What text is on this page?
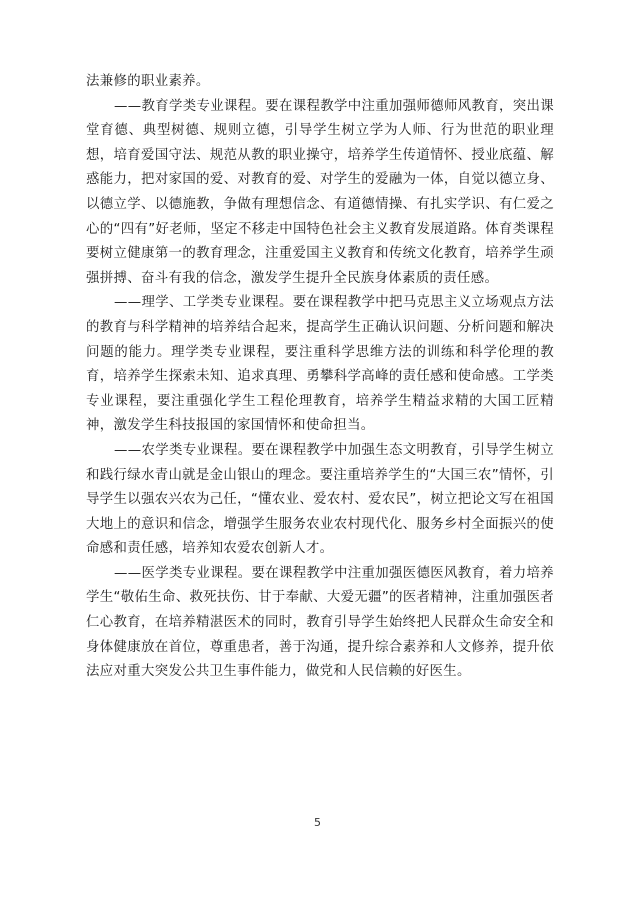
法兼修的职业素养。

——教育学类专业课程。要在课程教学中注重加强师德师风教育，突出课堂育德、典型树德、规则立德，引导学生树立学为人师、行为世范的职业理想，培育爱国守法、规范从教的职业操守，培养学生传道情怀、授业底蕴、解惑能力，把对家国的爱、对教育的爱、对学生的爱融为一体，自觉以德立身、以德立学、以德施教，争做有理想信念、有道德情操、有扎实学识、有仁爱之心的“四有”好老师，坚定不移走中国特色社会主义教育发展道路。体育类课程要树立健康第一的教育理念，注重爱国主义教育和传统文化教育，培养学生顽强拼搏、奋斗有我的信念，激发学生提升全民族身体素质的责任感。

——理学、工学类专业课程。要在课程教学中把马克思主义立场观点方法的教育与科学精神的培养结合起来，提高学生正确认识问题、分析问题和解决问题的能力。理学类专业课程，要注重科学思维方法的训练和科学伦理的教育，培养学生探索未知、追求真理、勇攀科学高峰的责任感和使命感。工学类专业课程，要注重强化学生工程伦理教育，培养学生精益求精的大国工匠精神，激发学生科技报国的家国情怀和使命担当。

——农学类专业课程。要在课程教学中加强生态文明教育，引导学生树立和践行绿水青山就是金山银山的理念。要注重培养学生的“大国三农”情怀，引导学生以强农兴农为己任，“懂农业、爱农村、爱农民”，树立把论文写在祖国大地上的意识和信念，增强学生服务农业农村现代化、服务乡村全面振兴的使命感和责任感，培养知农爱农创新人才。

——医学类专业课程。要在课程教学中注重加强医德医风教育，着力培养学生“敬佑生命、救死扶伤、甘于奉献、大爱无疆”的医者精神，注重加强医者仁心教育，在培养精湛医术的同时，教育引导学生始终把人民群众生命安全和身体健康放在首位，尊重患者，善于沟通，提升综合素养和人文修养，提升依法应对重大突发公共卫生事件能力，做党和人民信赖的好医生。

5
